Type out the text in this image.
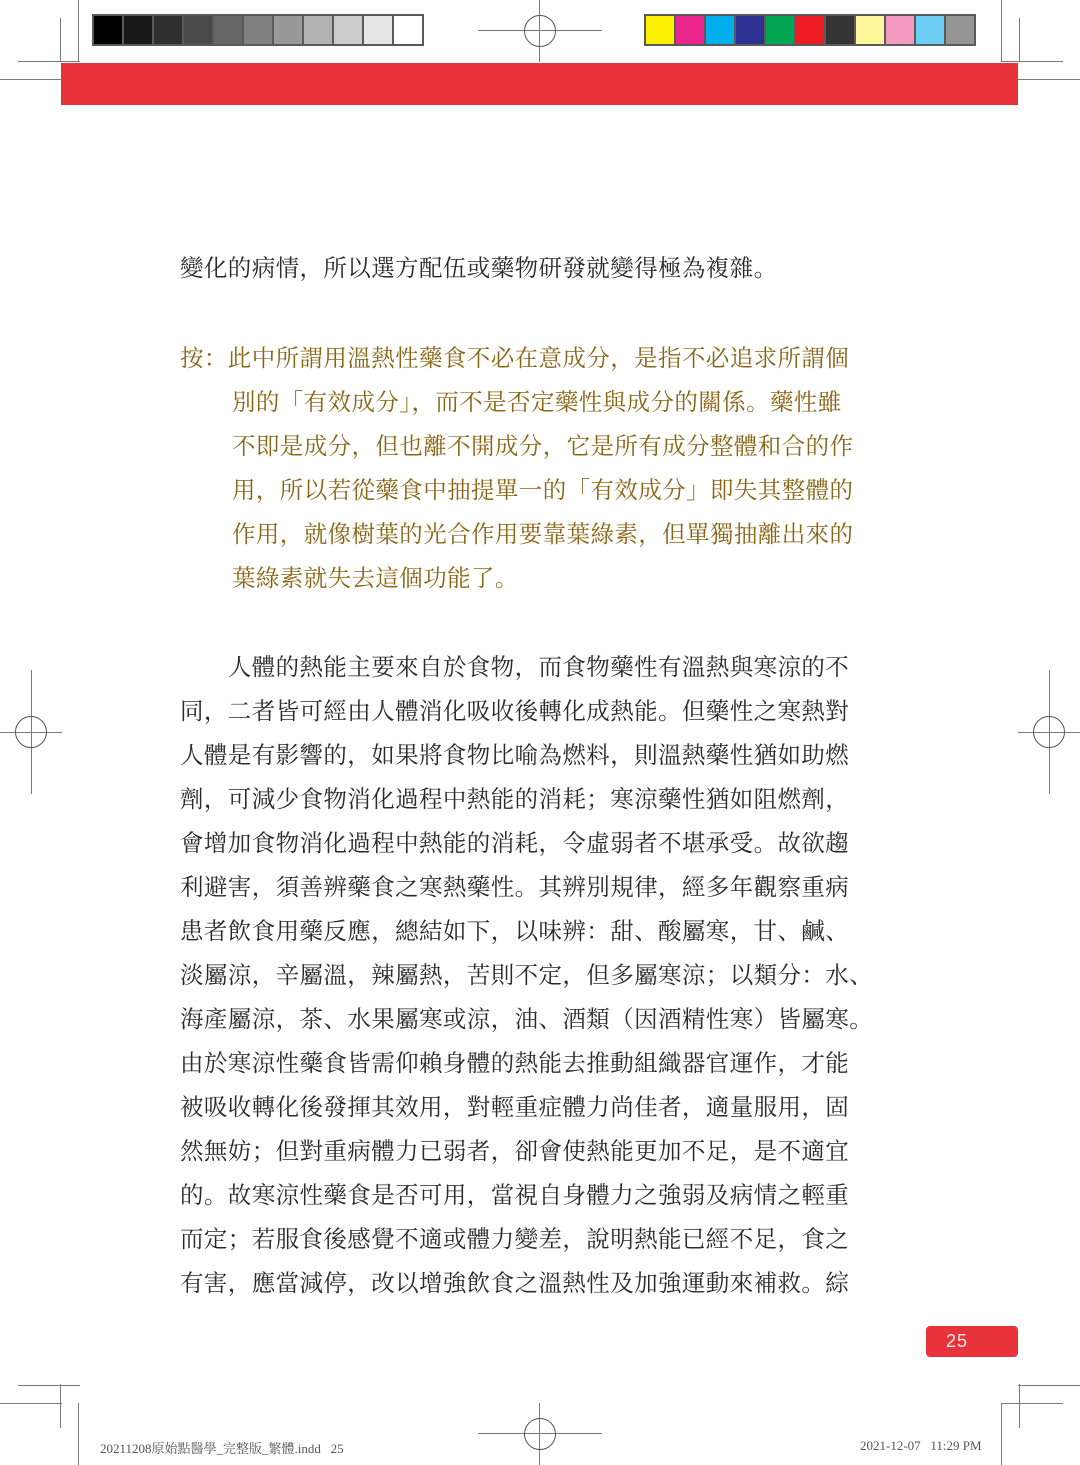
變化的病情，所以選方配伍或藥物研發就變得極為複雜。
按：此中所謂用溫熱性藥食不必在意成分，是指不必追求所謂個
別的「有效成分」，而不是否定藥性與成分的關係。藥性雖
不即是成分，但也離不開成分，它是所有成分整體和合的作
用，所以若從藥食中抽提單一的「有效成分」即失其整體的
作用，就像樹葉的光合作用要靠葉綠素，但單獨抽離出來的
葉綠素就失去這個功能了。
　　人體的熱能主要來自於食物，而食物藥性有溫熱與寒涼的不
同，二者皆可經由人體消化吸收後轉化成熱能。但藥性之寒熱對
人體是有影響的，如果將食物比喻為燃料，則溫熱藥性猶如助燃
劑，可減少食物消化過程中熱能的消耗；寒涼藥性猶如阻燃劑，
會增加食物消化過程中熱能的消耗，令虛弱者不堪承受。故欲趨
利避害，須善辨藥食之寒熱藥性。其辨別規律，經多年觀察重病
患者飲食用藥反應，總結如下，以味辨：甜、酸屬寒，甘、鹹、
淡屬涼，辛屬溫，辣屬熱，苦則不定，但多屬寒涼；以類分：水、
海產屬涼，茶、水果屬寒或涼，油、酒類（因酒精性寒）皆屬寒。
由於寒涼性藥食皆需仰賴身體的熱能去推動組織器官運作，才能
被吸收轉化後發揮其效用，對輕重症體力尚佳者，適量服用，固
然無妨；但對重病體力已弱者，卻會使熱能更加不足，是不適宜
的。故寒涼性藥食是否可用，當視自身體力之強弱及病情之輕重
而定；若服食後感覺不適或體力變差，說明熱能已經不足，食之
有害，應當減停，改以增強飲食之溫熱性及加強運動來補救。綜
25
20211208原始點醫學_完整版_繁體.indd   25	2021-12-07   11:29 PM
